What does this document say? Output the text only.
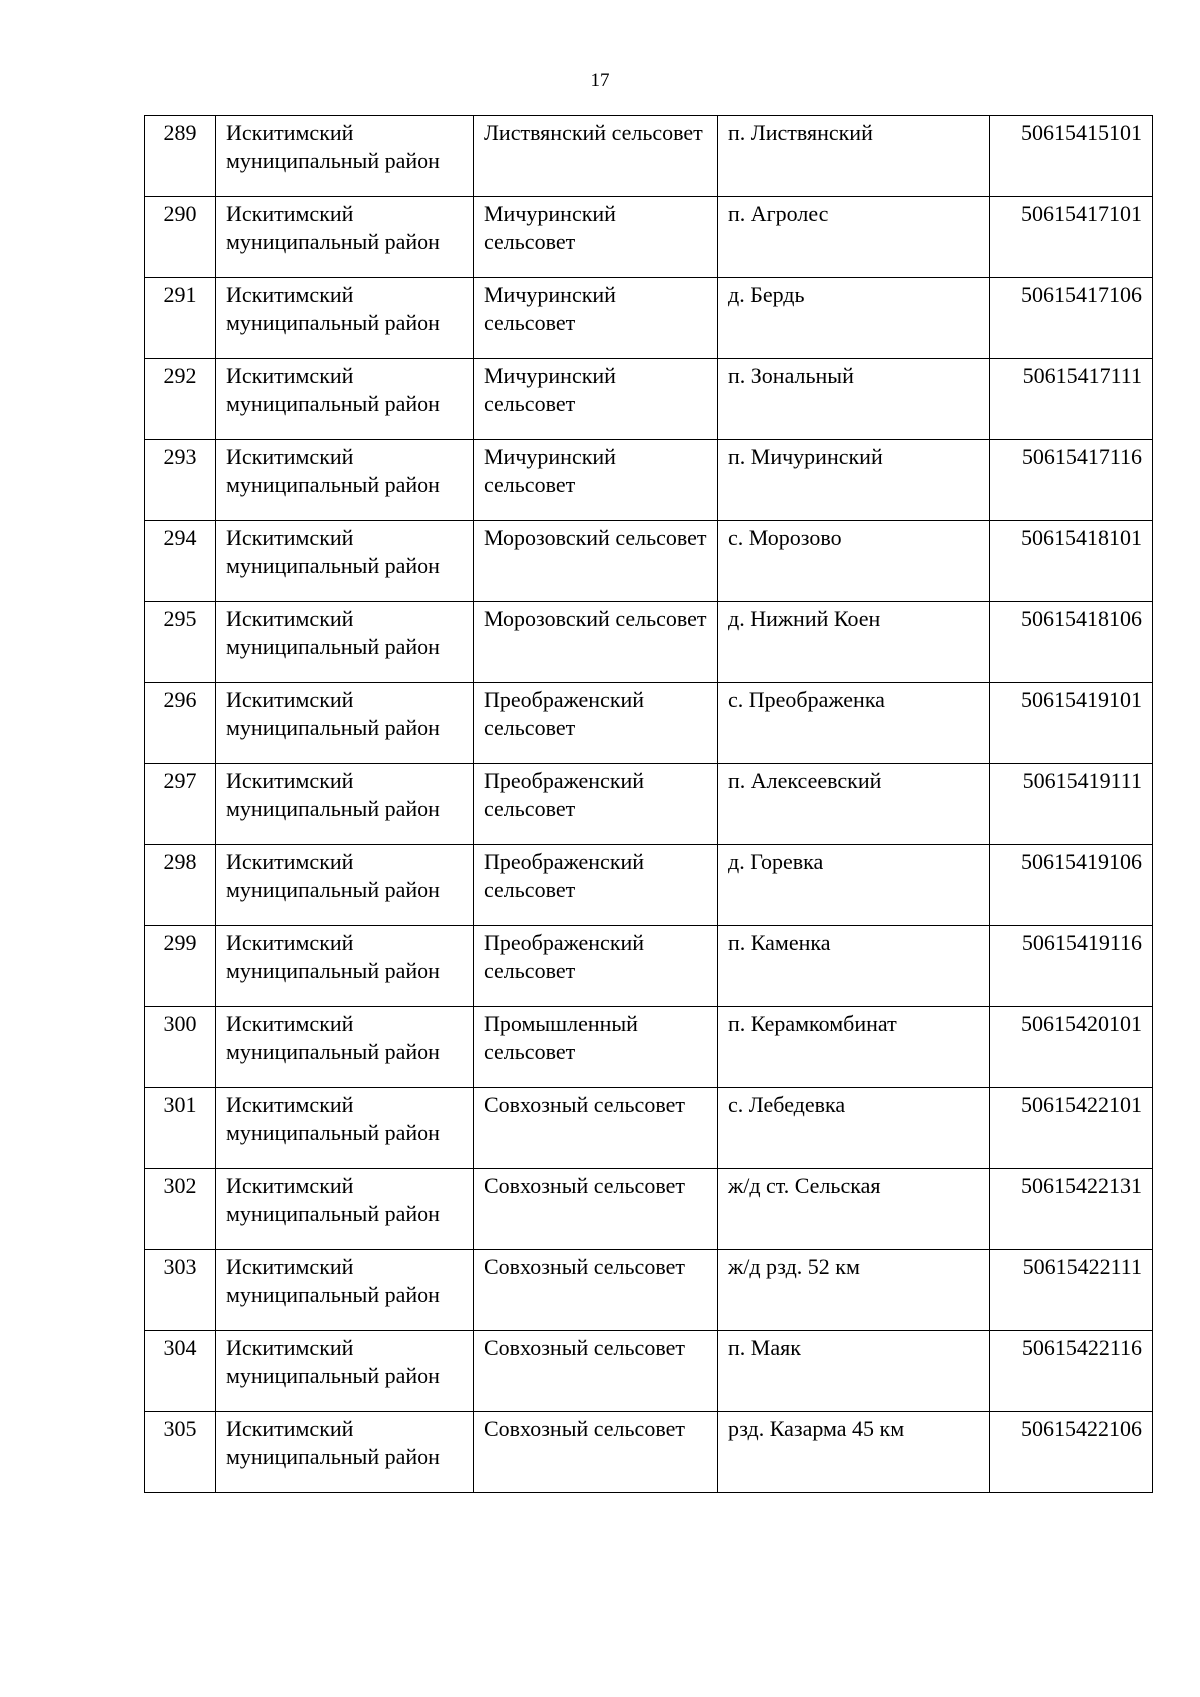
17
289	Искитимский муниципальный район	Листвянский сельсовет	п. Листвянский	50615415101
290	Искитимский муниципальный район	Мичуринский сельсовет	п. Агролес	50615417101
291	Искитимский муниципальный район	Мичуринский сельсовет	д. Бердь	50615417106
292	Искитимский муниципальный район	Мичуринский сельсовет	п. Зональный	50615417111
293	Искитимский муниципальный район	Мичуринский сельсовет	п. Мичуринский	50615417116
294	Искитимский муниципальный район	Морозовский сельсовет	с. Морозово	50615418101
295	Искитимский муниципальный район	Морозовский сельсовет	д. Нижний Коен	50615418106
296	Искитимский муниципальный район	Преображенский сельсовет	с. Преображенка	50615419101
297	Искитимский муниципальный район	Преображенский сельсовет	п. Алексеевский	50615419111
298	Искитимский муниципальный район	Преображенский сельсовет	д. Горевка	50615419106
299	Искитимский муниципальный район	Преображенский сельсовет	п. Каменка	50615419116
300	Искитимский муниципальный район	Промышленный сельсовет	п. Керамкомбинат	50615420101
301	Искитимский муниципальный район	Совхозный сельсовет	с. Лебедевка	50615422101
302	Искитимский муниципальный район	Совхозный сельсовет	ж/д ст. Сельская	50615422131
303	Искитимский муниципальный район	Совхозный сельсовет	ж/д рзд. 52 км	50615422111
304	Искитимский муниципальный район	Совхозный сельсовет	п. Маяк	50615422116
305	Искитимский муниципальный район	Совхозный сельсовет	рзд. Казарма 45 км	50615422106
